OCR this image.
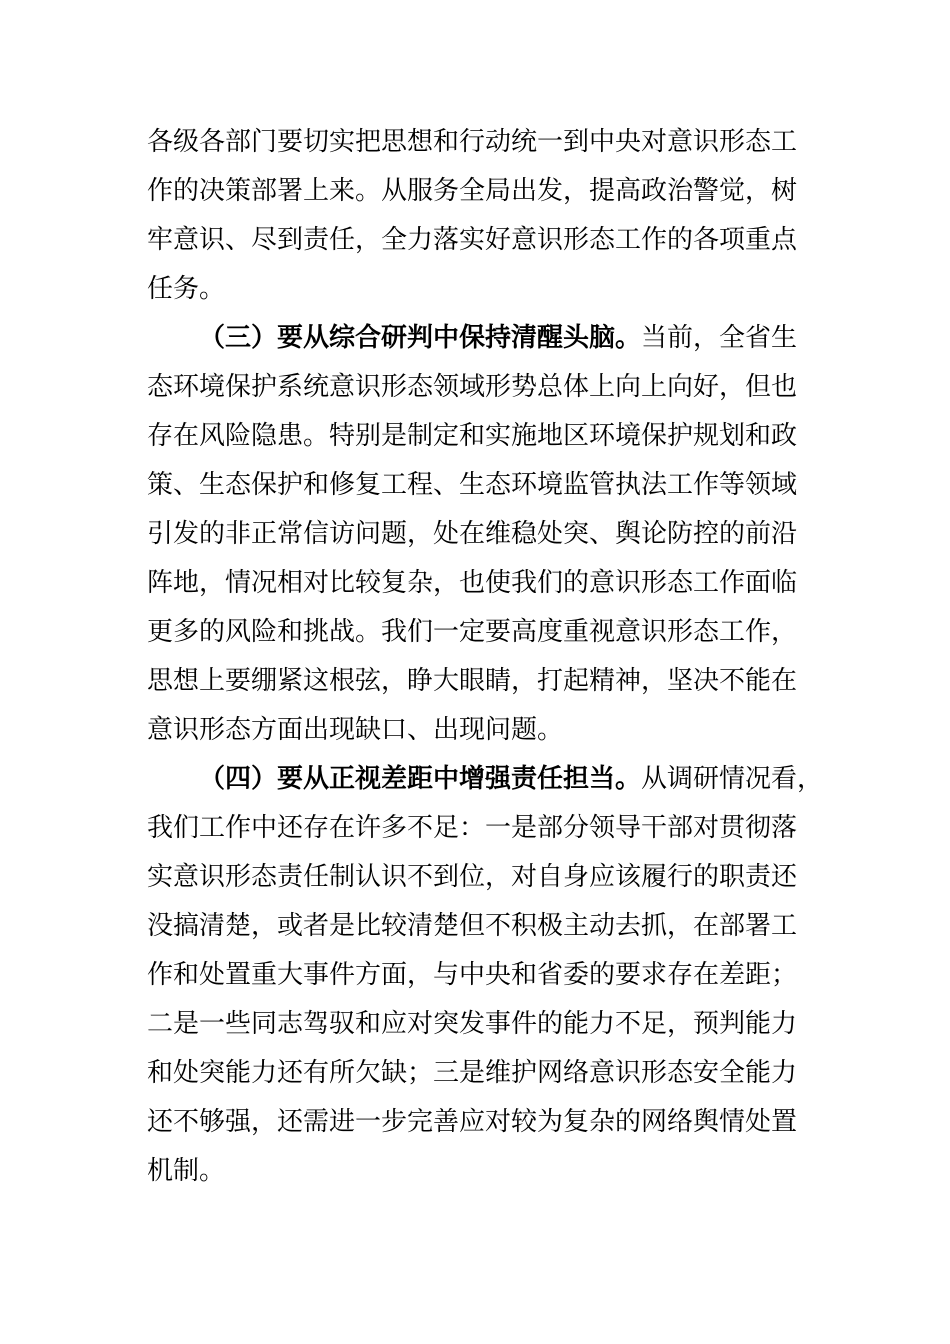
各级各部门要切实把思想和行动统一到中央对意识形态工
作的决策部署上来。从服务全局出发，提高政治警觉，树
牢意识、尽到责任，全力落实好意识形态工作的各项重点
任务。

（三）要从综合研判中保持清醒头脑。当前，全省生
态环境保护系统意识形态领域形势总体上向上向好，但也
存在风险隐患。特别是制定和实施地区环境保护规划和政
策、生态保护和修复工程、生态环境监管执法工作等领域
引发的非正常信访问题，处在维稳处突、舆论防控的前沿
阵地，情况相对比较复杂，也使我们的意识形态工作面临
更多的风险和挑战。我们一定要高度重视意识形态工作，
思想上要绷紧这根弦，睁大眼睛，打起精神，坚决不能在
意识形态方面出现缺口、出现问题。

（四）要从正视差距中增强责任担当。从调研情况看，
我们工作中还存在许多不足：一是部分领导干部对贯彻落
实意识形态责任制认识不到位，对自身应该履行的职责还
没搞清楚，或者是比较清楚但不积极主动去抓，在部署工
作和处置重大事件方面，与中央和省委的要求存在差距；
二是一些同志驾驭和应对突发事件的能力不足，预判能力
和处突能力还有所欠缺；三是维护网络意识形态安全能力
还不够强，还需进一步完善应对较为复杂的网络舆情处置
机制。
